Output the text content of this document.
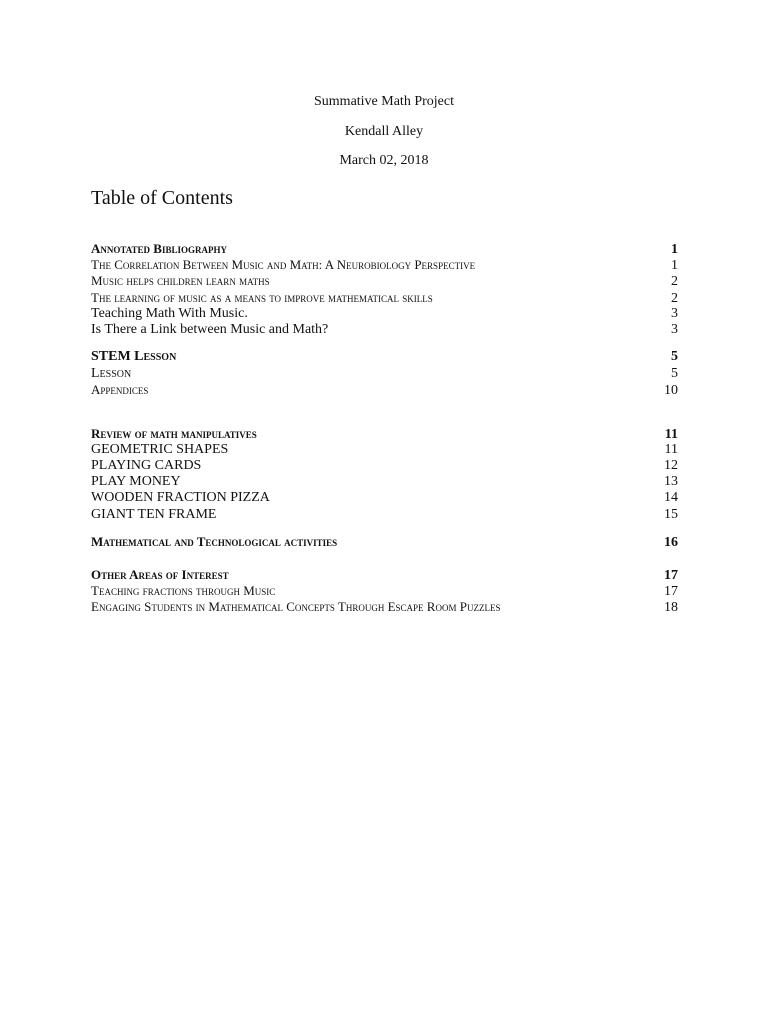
Summative Math Project
Kendall Alley
March 02, 2018
Table of Contents
Annotated Bibliography	1
The Correlation Between Music and Math: A Neurobiology Perspective	1
Music helps children learn maths	2
The learning of music as a means to improve mathematical skills	2
Teaching Math With Music.	3
Is There a Link between Music and Math?	3
STEM Lesson	5
Lesson	5
Appendices	10
Review of math manipulatives	11
GEOMETRIC SHAPES	11
PLAYING CARDS	12
PLAY MONEY	13
WOODEN FRACTION PIZZA	14
GIANT TEN FRAME	15
Mathematical and Technological activities	16
Other Areas of Interest	17
Teaching fractions through Music	17
Engaging Students in Mathematical Concepts Through Escape Room Puzzles	18
